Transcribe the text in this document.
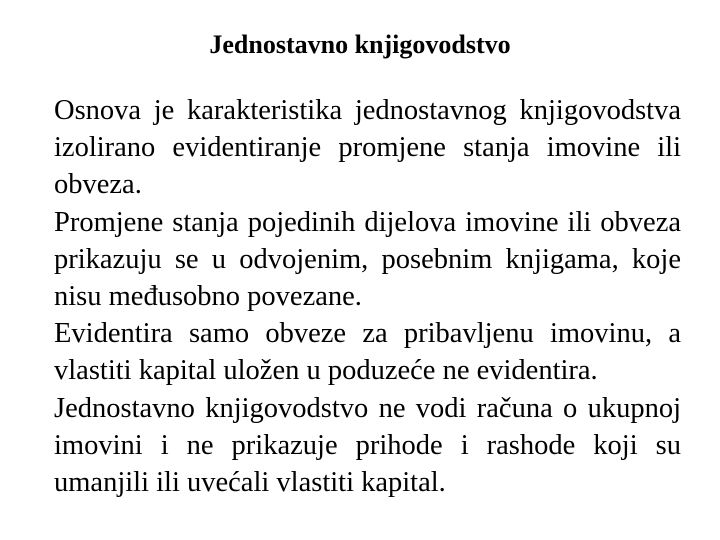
Jednostavno knjigovodstvo

Osnova je karakteristika jednostavnog knjigovodstva izolirano evidentiranje promjene stanja imovine ili obveza.

Promjene stanja pojedinih dijelova imovine ili obveza prikazuju se u odvojenim, posebnim knjigama, koje nisu međusobno povezane.

Evidentira samo obveze za pribavljenu imovinu, a vlastiti kapital uložen u poduzeće ne evidentira.

Jednostavno knjigovodstvo ne vodi računa o ukupnoj imovini i ne prikazuje prihode i rashode koji su umanjili ili uvećali vlastiti kapital.
